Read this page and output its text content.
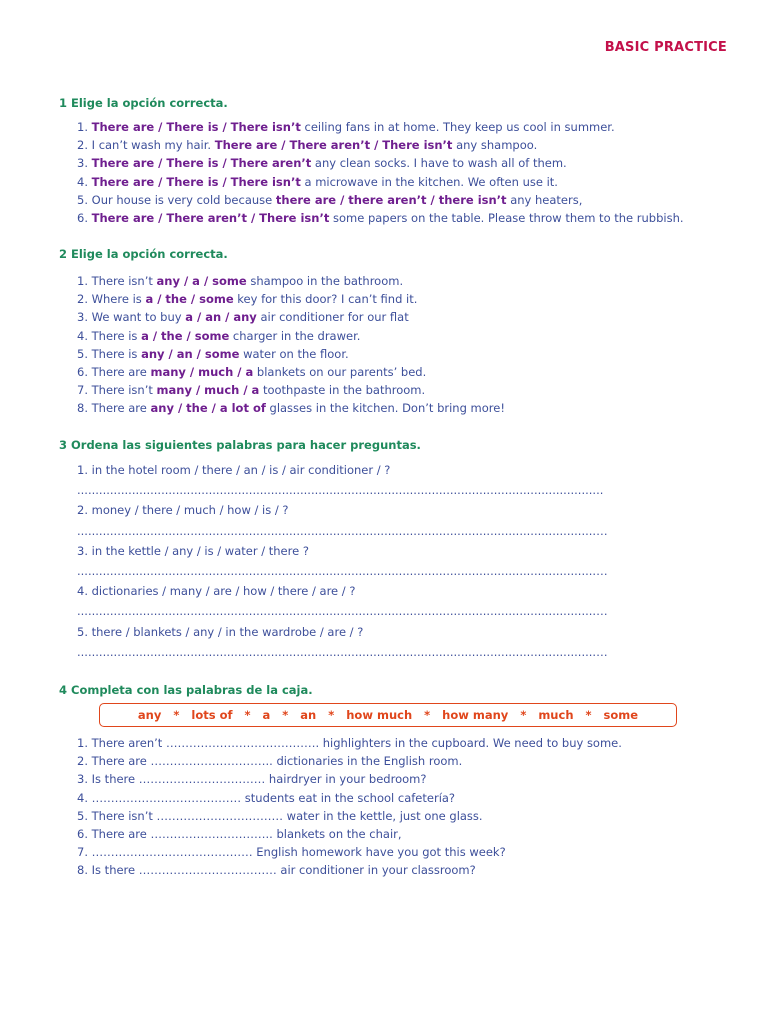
BASIC PRACTICE
1 Elige la opción correcta.
1. There are / There is / There isn’t ceiling fans in at home. They keep us cool in summer.
2. I can’t wash my hair. There are / There aren’t / There isn’t any shampoo.
3. There are / There is / There aren’t any clean socks. I have to wash all of them.
4. There are / There is / There isn’t a microwave in the kitchen. We often use it.
5. Our house is very cold because there are / there aren’t / there isn’t any heaters,
6. There are / There aren’t / There isn’t some papers on the table. Please throw them to the rubbish.
2 Elige la opción correcta.
1. There isn’t any / a / some shampoo in the bathroom.
2. Where is a / the / some key for this door? I can’t find it.
3. We want to buy a / an / any air conditioner for our flat
4. There is a / the / some charger in the drawer.
5. There is any / an / some water on the floor.
6. There are many / much / a blankets on our parents’ bed.
7. There isn’t many / much / a toothpaste in the bathroom.
8. There are any / the / a lot of glasses in the kitchen. Don’t bring more!
3 Ordena las siguientes palabras para hacer preguntas.
1. in the hotel room / there / an / is / air conditioner / ?
................................................................................................................................................
2. money / there / much / how / is / ?
..............................................................................................................................................…
3. in the kettle / any / is / water / there ?
..............................................................................................................................................…
4. dictionaries / many / are / how / there / are / ?
..............................................................................................................................................…
5. there / blankets / any / in the wardrobe / are / ?
..............................................................................................................................................…
4 Completa con las palabras de la caja.
any * lots of * a * an * how much * how many * much * some
1. There aren’t …………………………………. highlighters in the cupboard. We need to buy some.
2. There are ………………………….. dictionaries in the English room.
3. Is there …………………………… hairdryer in your bedroom?
4. ………………………………… students eat in the school cafetería?
5. There isn’t …………………………… water in the kettle, just one glass.
6. There are ………………………….. blankets on the chair,
7. …………………………………… English homework have you got this week?
8. Is there ……………………………… air conditioner in your classroom?
